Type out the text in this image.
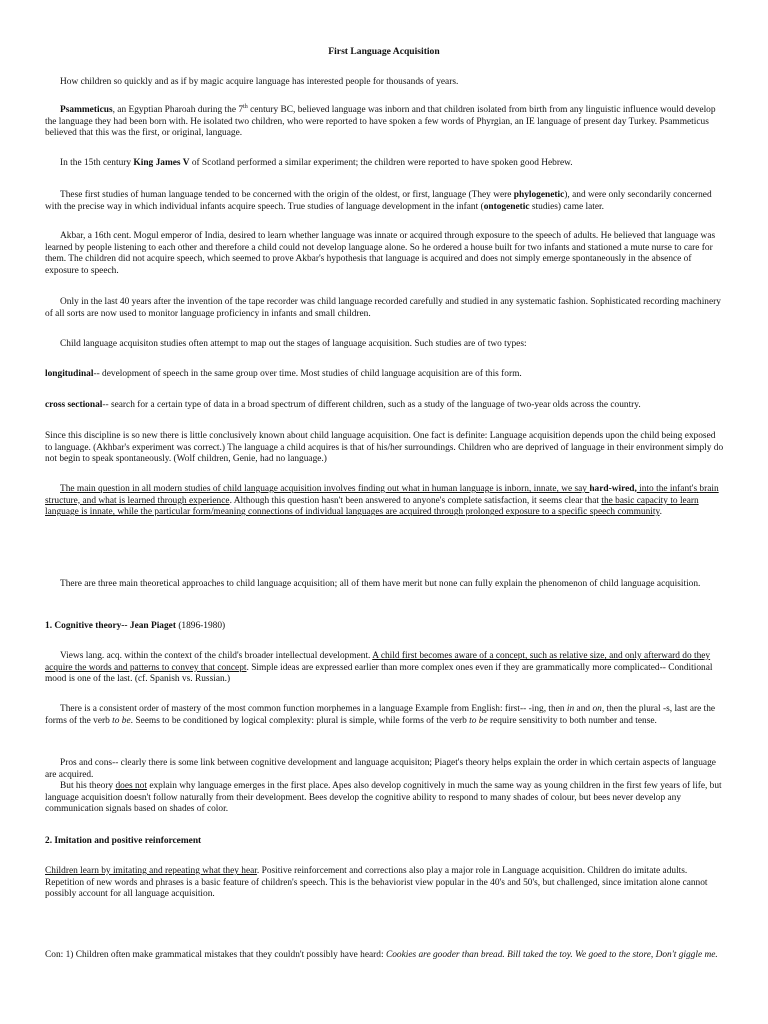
First Language Acquisition

How children so quickly and as if by magic acquire language has interested people for thousands of years.

Psammeticus, an Egyptian Pharoah during the 7th century BC, believed language was inborn and that children isolated from birth from any linguistic influence would develop the language they had been born with. He isolated two children, who were reported to have spoken a few words of Phyrgian, an IE language of present day Turkey. Psammeticus believed that this was the first, or original, language.

In the 15th century King James V of Scotland performed a similar experiment; the children were reported to have spoken good Hebrew.

These first studies of human language tended to be concerned with the origin of the oldest, or first, language (They were phylogenetic), and were only secondarily concerned with the precise way in which individual infants acquire speech. True studies of language development in the infant (ontogenetic studies) came later.

Akbar, a 16th cent. Mogul emperor of India, desired to learn whether language was innate or acquired through exposure to the speech of adults. He believed that language was learned by people listening to each other and therefore a child could not develop language alone. So he ordered a house built for two infants and stationed a mute nurse to care for them. The children did not acquire speech, which seemed to prove Akbar's hypothesis that language is acquired and does not simply emerge spontaneously in the absence of exposure to speech.

Only in the last 40 years after the invention of the tape recorder was child language recorded carefully and studied in any systematic fashion. Sophisticated recording machinery of all sorts are now used to monitor language proficiency in infants and small children.

Child language acquisiton studies often attempt to map out the stages of language acquisition. Such studies are of two types:

longitudinal-- development of speech in the same group over time. Most studies of child language acquisition are of this form.

cross sectional-- search for a certain type of data in a broad spectrum of different children, such as a study of the language of two-year olds across the country.

Since this discipline is so new there is little conclusively known about child language acquisition. One fact is definite: Language acquisition depends upon the child being exposed to language. (Akhbar's experiment was correct.) The language a child acquires is that of his/her surroundings. Children who are deprived of language in their environment simply do not begin to speak spontaneously. (Wolf children, Genie, had no language.)

The main question in all modern studies of child language acquisition involves finding out what in human language is inborn, innate, we say hard-wired, into the infant's brain structure, and what is learned through experience. Although this question hasn't been answered to anyone's complete satisfaction, it seems clear that the basic capacity to learn language is innate, while the particular form/meaning connections of individual languages are acquired through prolonged exposure to a specific speech community.

There are three main theoretical approaches to child language acquisition; all of them have merit but none can fully explain the phenomenon of child language acquisition.

1. Cognitive theory-- Jean Piaget (1896-1980)

Views lang. acq. within the context of the child's broader intellectual development. A child first becomes aware of a concept, such as relative size, and only afterward do they acquire the words and patterns to convey that concept. Simple ideas are expressed earlier than more complex ones even if they are grammatically more complicated-- Conditional mood is one of the last. (cf. Spanish vs. Russian.)

There is a consistent order of mastery of the most common function morphemes in a language Example from English: first-- -ing, then in and on, then the plural -s, last are the forms of the verb to be. Seems to be conditioned by logical complexity: plural is simple, while forms of the verb to be require sensitivity to both number and tense.

Pros and cons-- clearly there is some link between cognitive development and language acquisiton; Piaget's theory helps explain the order in which certain aspects of language are acquired.

But his theory does not explain why language emerges in the first place. Apes also develop cognitively in much the same way as young children in the first few years of life, but language acquisition doesn't follow naturally from their development. Bees develop the cognitive ability to respond to many shades of colour, but bees never develop any communication signals based on shades of color.

2. Imitation and positive reinforcement

Children learn by imitating and repeating what they hear. Positive reinforcement and corrections also play a major role in Language acquisition. Children do imitate adults. Repetition of new words and phrases is a basic feature of children's speech. This is the behaviorist view popular in the 40's and 50's, but challenged, since imitation alone cannot possibly account for all language acquisition.

Con: 1) Children often make grammatical mistakes that they couldn't possibly have heard: Cookies are gooder than bread. Bill taked the toy. We goed to the store, Don't giggle me.
